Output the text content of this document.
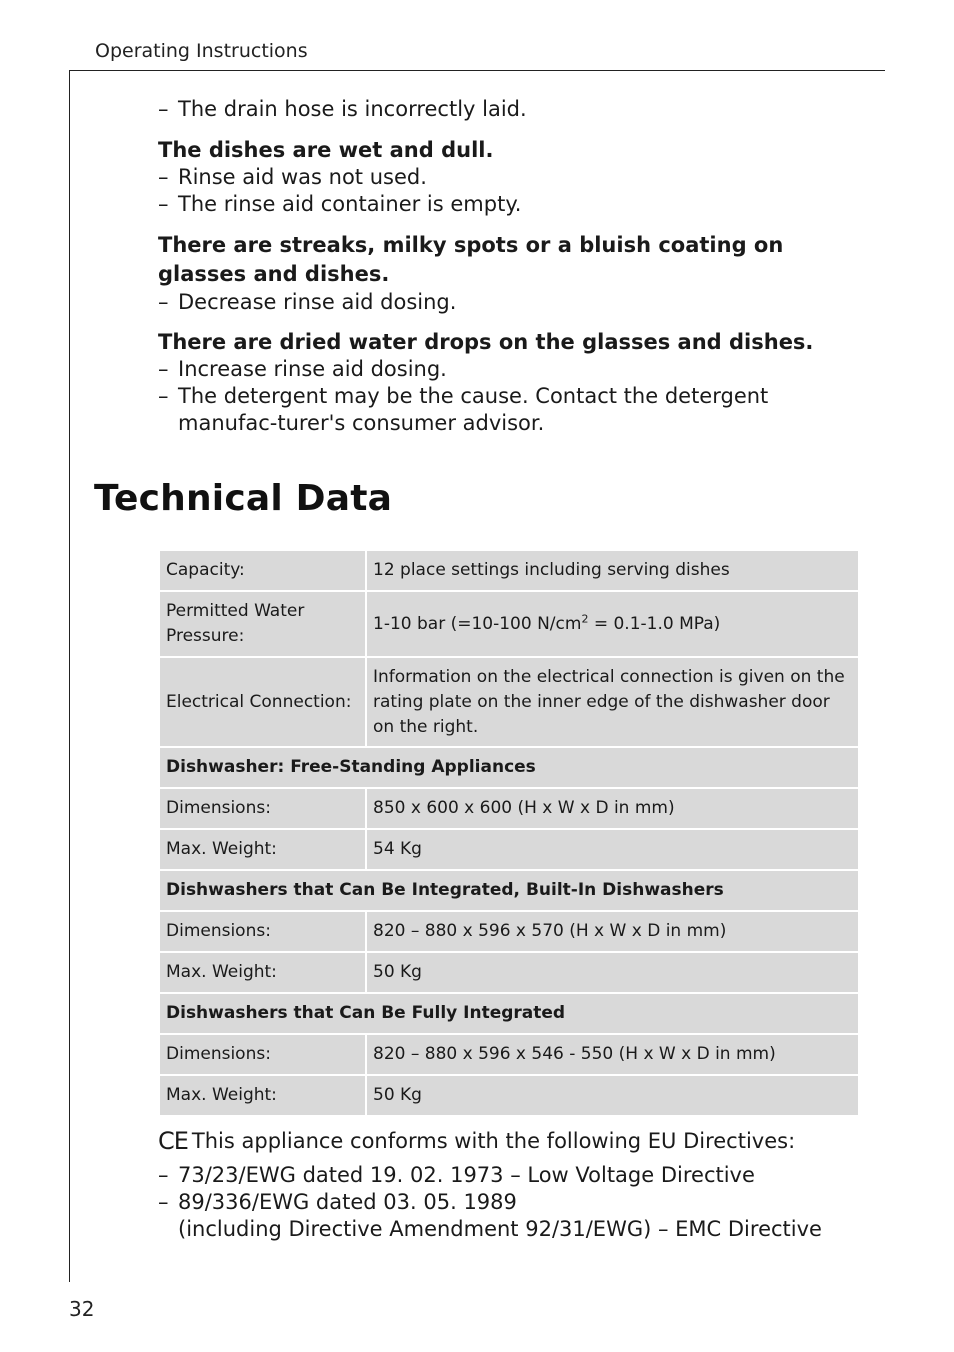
Operating Instructions
– The drain hose is incorrectly laid.
The dishes are wet and dull.
– Rinse aid was not used.
– The rinse aid container is empty.
There are streaks, milky spots or a bluish coating on glasses and dishes.
– Decrease rinse aid dosing.
There are dried water drops on the glasses and dishes.
– Increase rinse aid dosing.
– The detergent may be the cause. Contact the detergent manufac-turer's consumer advisor.
Technical Data
Capacity:	12 place settings including serving dishes
Permitted Water Pressure:	1-10 bar (=10-100 $N/cm^2 = 0.1-1.0$ MPa)
Electrical Connection:	Information on the electrical connection is given on the rating plate on the inner edge of the dishwasher door on the right.
Dishwasher: Free-Standing Appliances	
Dimensions:	850 x 600 x 600 (H x W x D in mm)
Max. Weight:	54 Kg
Dishwashers that Can Be Integrated, Built-In Dishwashers	
Dimensions:	820 – 880 x 596 x 570 (H x W x D in mm)
Max. Weight:	50 Kg
Dishwashers that Can Be Fully Integrated	
Dimensions:	820 – 880 x 596 x 546 - 550 (H x W x D in mm)
Max. Weight:	50 Kg
CE This appliance conforms with the following EU Directives:
– 73/23/EWG dated 19. 02. 1973 – Low Voltage Directive
– 89/336/EWG dated 03. 05. 1989
(including Directive Amendment 92/31/EWG) – EMC Directive
32
